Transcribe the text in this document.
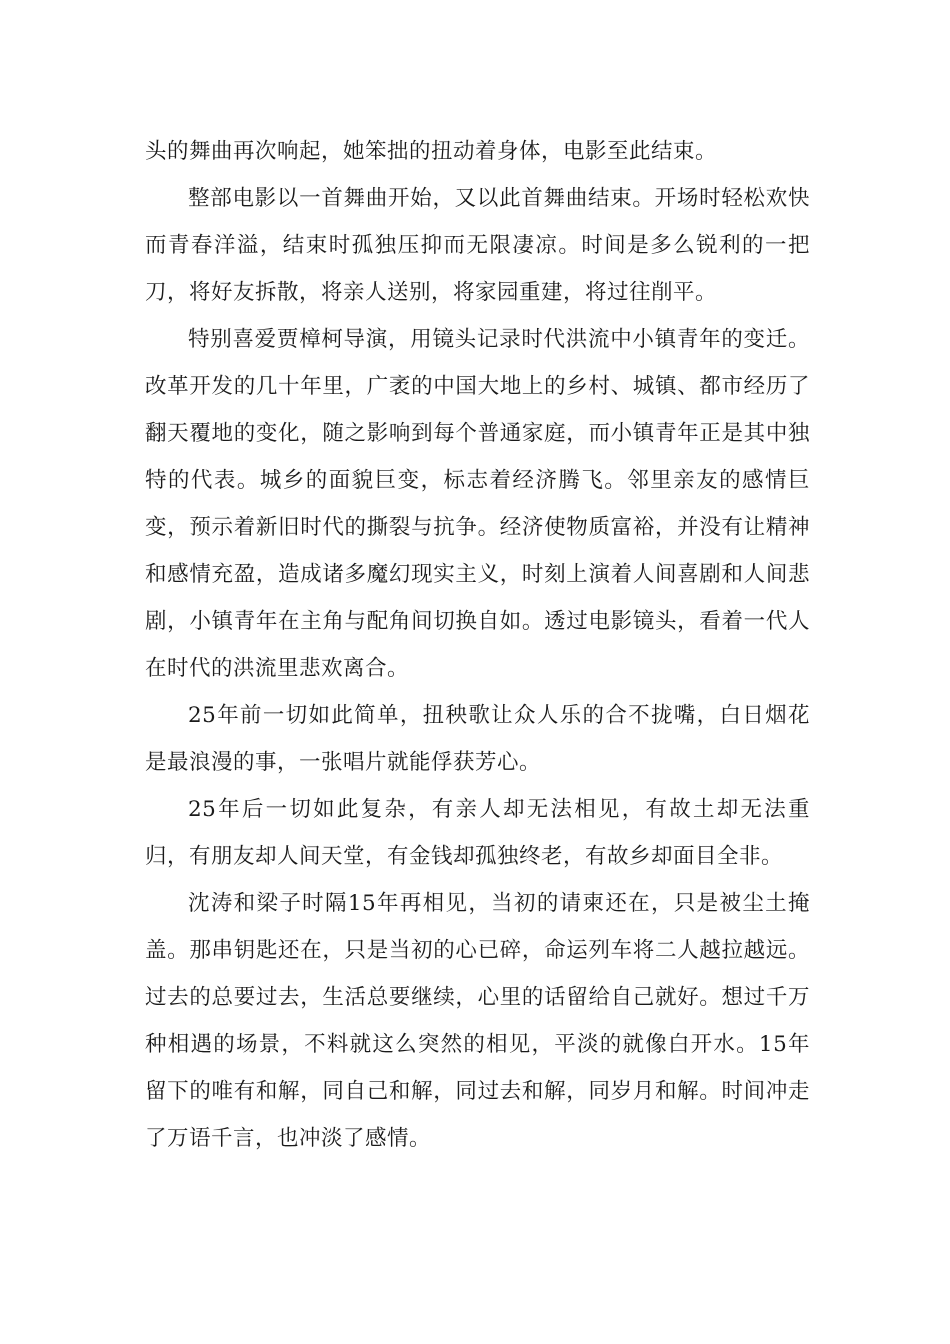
头的舞曲再次响起，她笨拙的扭动着身体，电影至此结束。

整部电影以一首舞曲开始，又以此首舞曲结束。开场时轻松欢快而青春洋溢，结束时孤独压抑而无限凄凉。时间是多么锐利的一把刀，将好友拆散，将亲人送别，将家园重建，将过往削平。

特别喜爱贾樟柯导演，用镜头记录时代洪流中小镇青年的变迁。改革开发的几十年里，广袤的中国大地上的乡村、城镇、都市经历了翻天覆地的变化，随之影响到每个普通家庭，而小镇青年正是其中独特的代表。城乡的面貌巨变，标志着经济腾飞。邻里亲友的感情巨变，预示着新旧时代的撕裂与抗争。经济使物质富裕，并没有让精神和感情充盈，造成诸多魔幻现实主义，时刻上演着人间喜剧和人间悲剧，小镇青年在主角与配角间切换自如。透过电影镜头，看着一代人在时代的洪流里悲欢离合。

25年前一切如此简单，扭秧歌让众人乐的合不拢嘴，白日烟花是最浪漫的事，一张唱片就能俘获芳心。

25年后一切如此复杂，有亲人却无法相见，有故土却无法重归，有朋友却人间天堂，有金钱却孤独终老，有故乡却面目全非。

沈涛和梁子时隔15年再相见，当初的请柬还在，只是被尘土掩盖。那串钥匙还在，只是当初的心已碎，命运列车将二人越拉越远。过去的总要过去，生活总要继续，心里的话留给自己就好。想过千万种相遇的场景，不料就这么突然的相见，平淡的就像白开水。15年留下的唯有和解，同自己和解，同过去和解，同岁月和解。时间冲走了万语千言，也冲淡了感情。
